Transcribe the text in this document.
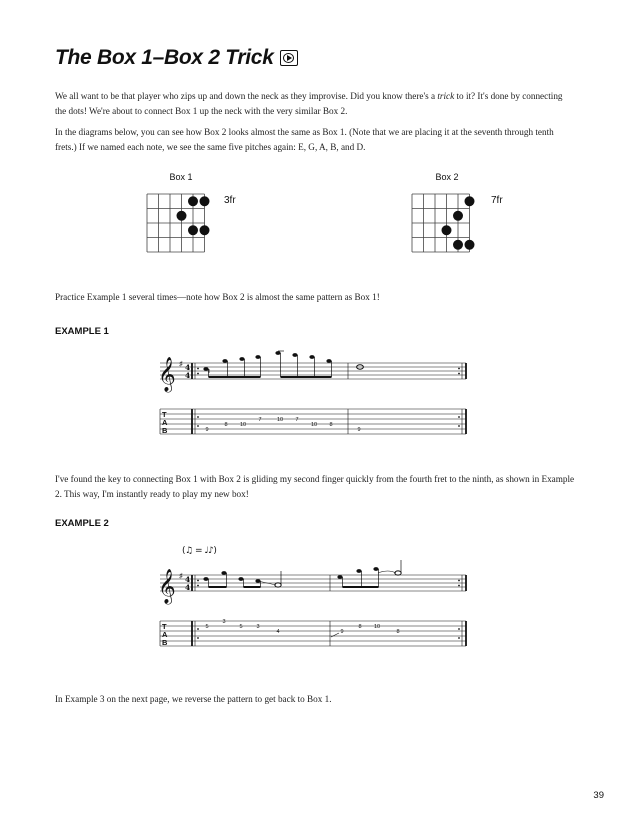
The Box 1–Box 2 Trick

We all want to be that player who zips up and down the neck as they improvise. Did you know there's a trick to it? It's done by connecting the dots! We're about to connect Box 1 up the neck with the very similar Box 2.

In the diagrams below, you can see how Box 2 looks almost the same as Box 1. (Note that we are placing it at the seventh through tenth frets.) If we named each note, we see the same five pitches again: E, G, A, B, and D.

Box 1
3fr
Box 2
7fr

Practice Example 1 several times—note how Box 2 is almost the same pattern as Box 1!

EXAMPLE 1
𝄞 ♯ 4
4
T
A
B	9
8 10
7	10 7
10 8
9

I've found the key to connecting Box 1 with Box 2 is gliding my second finger quickly from the fourth fret to the ninth, as shown in Example 2. This way, I'm instantly ready to play my new box!

EXAMPLE 2
(♫ = ♩♪)
𝄞 ♯ 4
4
T
A
B
5
3
5	3
4	9
8 10
8

In Example 3 on the next page, we reverse the pattern to get back to Box 1.

39
